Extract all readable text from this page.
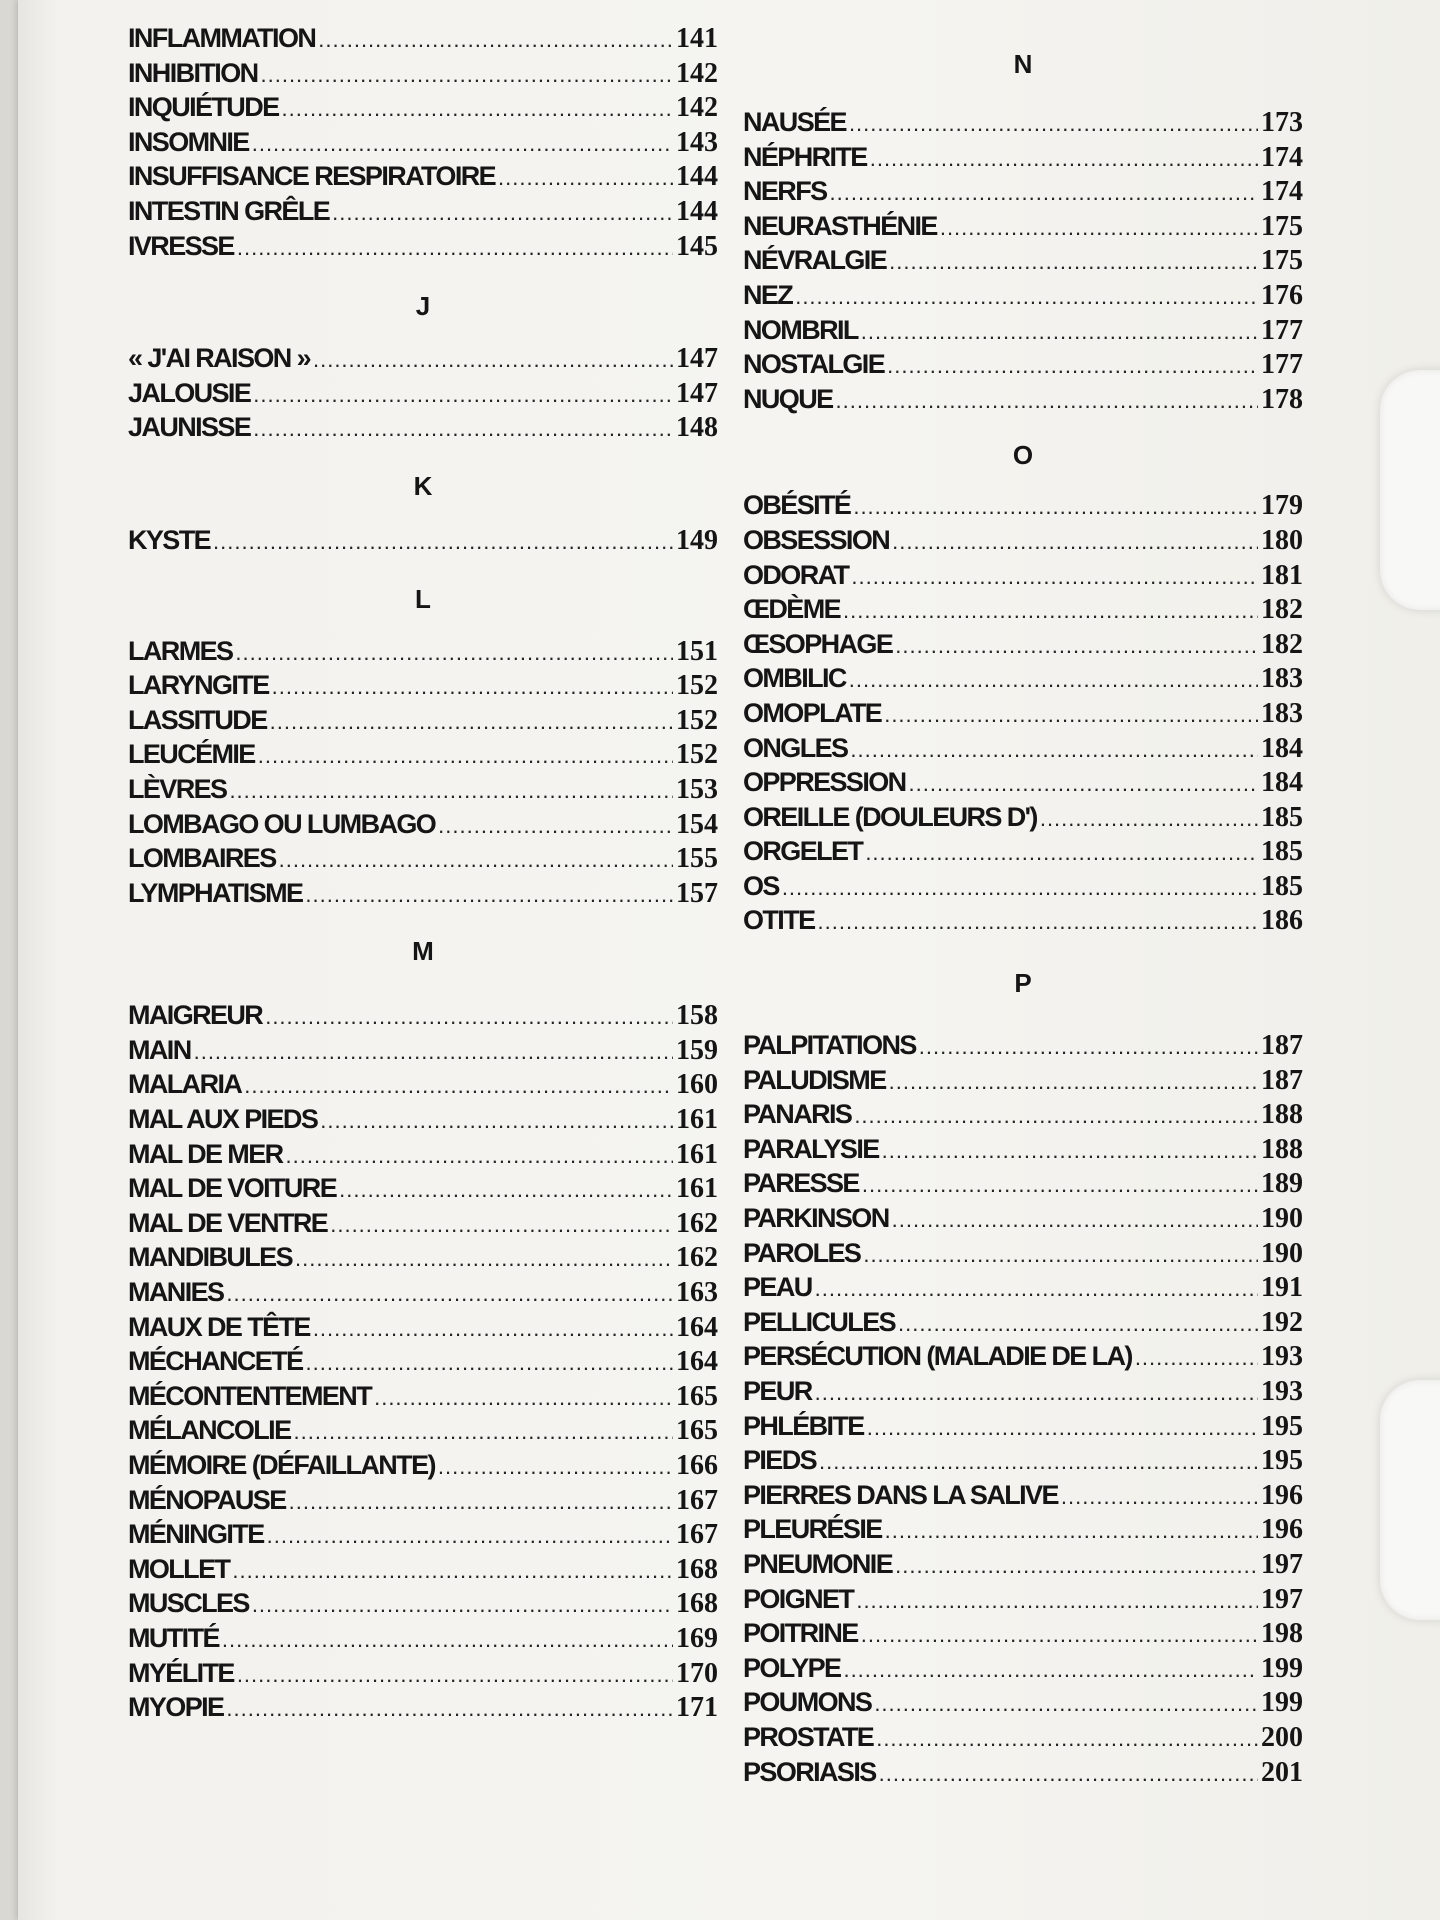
INFLAMMATION .....	141
INHIBITION .....	142
INQUIÉTUDE .....	142
INSOMNIE .....	143
INSUFFISANCE RESPIRATOIRE .....	144
INTESTIN GRÊLE .....	144
IVRESSE .....	145
J
« J'AI RAISON » .....	147
JALOUSIE .....	147
JAUNISSE .....	148
K
KYSTE .....	149
L
LARMES .....	151
LARYNGITE .....	152
LASSITUDE .....	152
LEUCÉMIE .....	152
LÈVRES .....	153
LOMBAGO OU LUMBAGO .....	154
LOMBAIRES .....	155
LYMPHATISME .....	157
M
MAIGREUR .....	158
MAIN .....	159
MALARIA .....	160
MAL AUX PIEDS .....	161
MAL DE MER .....	161
MAL DE VOITURE .....	161
MAL DE VENTRE .....	162
MANDIBULES .....	162
MANIES .....	163
MAUX DE TÊTE .....	164
MÉCHANCETÉ .....	164
MÉCONTENTEMENT .....	165
MÉLANCOLIE .....	165
MÉMOIRE (DÉFAILLANTE) .....	166
MÉNOPAUSE .....	167
MÉNINGITE .....	167
MOLLET .....	168
MUSCLES .....	168
MUTITÉ .....	169
MYÉLITE .....	170
MYOPIE .....	171
N
NAUSÉE .....	173
NÉPHRITE .....	174
NERFS .....	174
NEURASTHÉNIE .....	175
NÉVRALGIE .....	175
NEZ .....	176
NOMBRIL .....	177
NOSTALGIE .....	177
NUQUE .....	178
O
OBÉSITÉ .....	179
OBSESSION .....	180
ODORAT .....	181
ŒDÈME .....	182
ŒSOPHAGE .....	182
OMBILIC .....	183
OMOPLATE .....	183
ONGLES .....	184
OPPRESSION .....	184
OREILLE (DOULEURS D') .....	185
ORGELET .....	185
OS .....	185
OTITE .....	186
P
PALPITATIONS .....	187
PALUDISME .....	187
PANARIS .....	188
PARALYSIE .....	188
PARESSE .....	189
PARKINSON .....	190
PAROLES .....	190
PEAU .....	191
PELLICULES .....	192
PERSÉCUTION (MALADIE DE LA) .....	193
PEUR .....	193
PHLÉBITE .....	195
PIEDS .....	195
PIERRES DANS LA SALIVE .....	196
PLEURÉSIE .....	196
PNEUMONIE .....	197
POIGNET .....	197
POITRINE .....	198
POLYPE .....	199
POUMONS .....	199
PROSTATE .....	200
PSORIASIS .....	201
